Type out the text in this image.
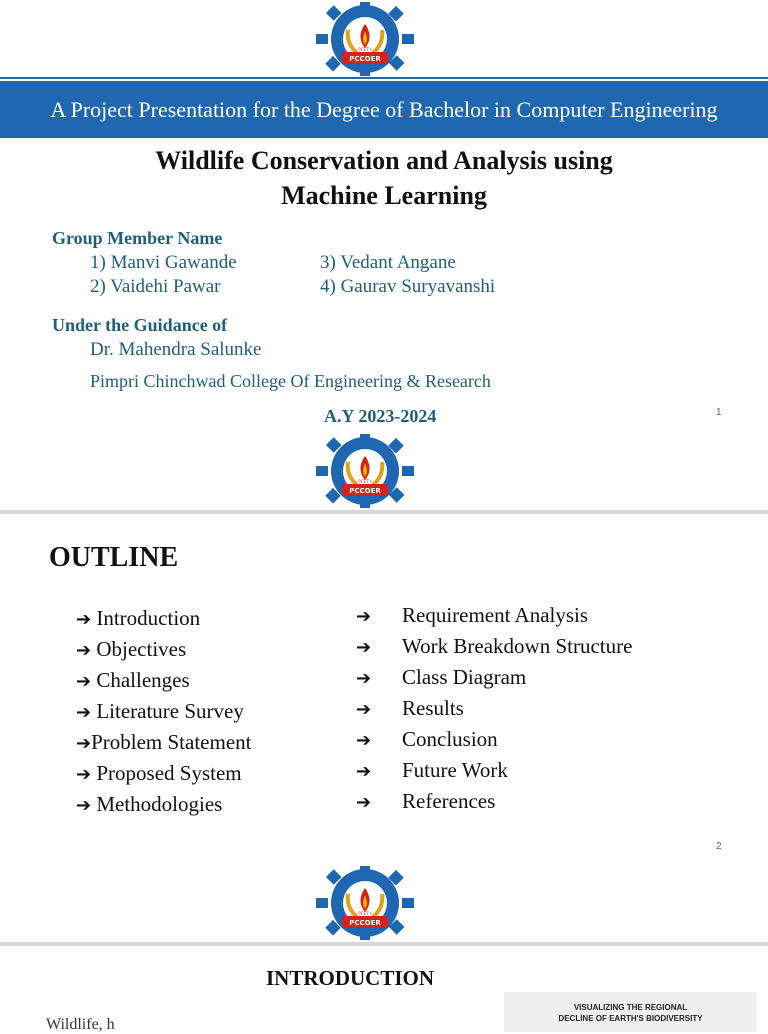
A Project Presentation for the Degree of Bachelor in Computer Engineering
Wildlife Conservation and Analysis using
Machine Learning
Group Member Name
1) Manvi Gawande
2) Vaidehi Pawar
3) Vedant Angane
4) Gaurav Suryavanshi
Under the Guidance of
Dr. Mahendra Salunke
Pimpri Chinchwad College Of Engineering & Research
A.Y 2023-2024	1
OUTLINE
➔ Introduction
➔ Objectives
➔ Challenges
➔ Literature Survey
➔Problem Statement
➔ Proposed System
➔ Methodologies
➔ Requirement Analysis
➔ Work Breakdown Structure
➔ Class Diagram
➔ Results
➔ Conclusion
➔ Future Work
➔ References
2
INTRODUCTION
Wildlife, h
VISUALIZING THE REGIONAL
DECLINE OF EARTH'S BIODIVERSITY
